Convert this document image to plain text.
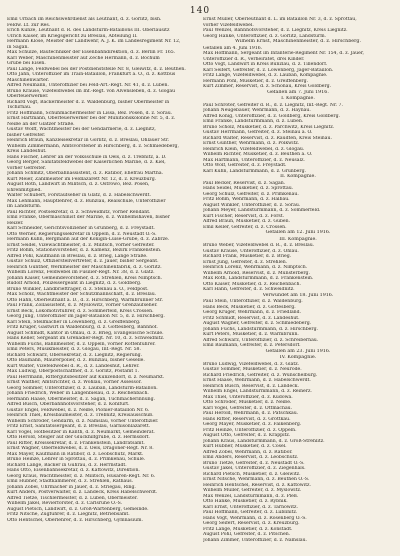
140
Emil Urbach im Reichswehrdienst als Leutnant, d. z. Gorlitz, bish.
Feldw. Lt. zur Res.
Erich Kunze, Leutnant d. R. des Landsturm-Bataillons III. Oberlausitz
Ulrich Kaiser, im Kriegsgericht zu Breslau, Abteilung II.
Hermann Klose, Meister der Landwehr, A. J. K. im Landesregiment Nr. 12,
in Sagan.
Max Schulze, Bautechniker der Eisenbahndirektion, d. z. Berlin Fr. 165.
Karl Weber, Maschinenmeister auf Zeche Hermann, d. z. Bochum
Grube bei Eisen.
Paul Lange, Feldwebel bei der Postdienststelle Nr. 8, Gleiwitz, d. z. Beuthen.
Otto Jahn, Unteroffizier im Train-Bataillon, Frankfurt a. O., d. z. Kottbus
Maschinenwärter.
Alfred Neumann, Unteroffizier bei Feld-Art.-Regt. Nr. 41, d. z. Lüben.
Bruno Krause, Vizefeldwebel im Inf.-Regt. von Alvensleben, d. z. Glogau
Oberfeuerwerker.
Richard Vogt, Bäckermeister d. z. Waldenburg, bisher Obermeister in
Tschirnau.
Fritz Hoffmann, Schuhmachermeister in Lissa, Bez. Posen, d. z. Sorau.
Ernst Hartmann, Oberfeuerwerker bei der Munitionskolonne Nr. 5, d. z.
Neiße an der Glatzer Straße.
Gustav Wolff, Wachtmeister bei der Gendarmerie, d. z. Liegnitz,
bisher Gefreiter.
Heinrich Braun, Kanzleisekretär in Görlitz, d. z. Breslau, Ohlauer Str.
Wilhelm Zimmermann, Amtsvorsteher in Hirschberg, d. z. Schmiedeberg,
Kreis Landeshut.
Hans Fischer, Lehrer an der Volksschule in Oels, d. z. Trebnitz, a. D.
Georg Berger, Sanitätsfeldwebel der Kaiserlichen Marine, d. z. Kiel,
vorher Gefreiter.
Johann Schmitz, Oberbahnassistent, d. z. Ratibor, Ehefrau Martha.
Kurt Meier, Zahlmeister im Feldlazarett Nr. 12, d. z. Kreuzburg.
August Roth, Landwirt in Militsch, d. z. Ostrowo, Bez. Posen,
Ehrenmitglied.
Walter Schubert, Forstaufseher in Glatz, d. z. Habelschwerdt.
Max Lehmann, Hauptlehrer, d. z. Bunzlau, Realschule, Unteroffizier
im Landsturm.
Paul Richter, Postsekretär, d. z. Schweidnitz, vorher Rendant.
Emil Franke, Obermaschinist der Marine, d. z. Wilhelmshaven, bisher
Heizer.
Karl Schneider, Gerichtsvollzieher in Grünberg, d. z. Freystadt.
Otto Werner, Regierungssekretär in Oppeln, d. z. Neustadt O.-S.
Hermann Kühn, Bergmann auf der Königin-Luise-Grube, d. z. Zabrze.
Ernst Seidel, Vizewachtmeister, d. z. Militsch, vorher Gefreiter.
Fritz Böhm, Stationsvorsteher, d. z. Kamenz, Bezirk Frankenstein.
Alfred Pohl, Kaufmann in Breslau, d. z. Brieg, Lange Straße.
Gustav Schulz, Offizierstellvertreter, d. z. Jauer, bisher Sergeant.
Heinrich Günther, Werkmeister der Maschinenfabrik, d. z. Görlitz.
Wilhelm Lorenz, Feldwebel im Füsilier-Regt. Nr. 38, d. z. Glatz.
Johann Kaiser, Gemeindevorsteher, d. z. Strehlen, Kreis Nimptsch.
Rudolf Arnold, Polizeisergeant in Liegnitz, d. z. Goldberg.
Bruno Winkler, Landbriefträger, d. z. Steinau a. O., Feldpost.
Max Scholz, Wachtmeister der Schutzmannschaft, d. z. Breslau.
Otto Hahn, Oberleutnant a. D., d. z. Hirschberg, Warmbrunner Str.
Paul Frank, Zollassistent, d. z. Myslowitz, vorher Grenzaufseher.
Ernst Beck, Lokomotivführer, d. z. Sommerfeld, Kreis Crossen.
Georg Jung, Unteroffizier im Jäger-Bataillon Nr. 5, d. z. Hirschberg.
Karl Stein, Stellmacher in Löwenberg, d. z. Greiffenberg.
Fritz Krüger, Gastwirt in Waldenburg, d. z. Gottesberg, Bahnhof.
August Schmidt, Kantor in Ohlau, d. z. Brieg, Evangelische Schule.
Hans Keller, Sergeant im Grenadier-Regt. Nr. 10, d. z. Schweidnitz.
Wilhelm Fuchs, Bahnmeister, d. z. Oppeln, vorher Rottenführer.
Emil Peters, Musikmeister, d. z. Glogau, Inf.-Regt. Nr. 58.
Richard Schwarz, Obersekretär, d. z. Liegnitz, Regierung.
Otto Baumann, Maurerpolier, d. z. Bunzlau, bisher Geselle.
Kurt Walter, Vizefeldwebel d. R., d. z. Landeshut, Lehrer.
Max Ludwig, Oberpostschaffner, d. z. Görlitz, Postamt 1.
Paul Herrmann, Rittergutsbesitzer auf Kunzendorf, d. z. Neumarkt.
Ernst Walther, Amtsrichter, d. z. Wohlau, vorher Assessor.
Georg Sommer, Unteroffizier, d. z. Lauban, Landsturm-Bataillon.
Johann Friedrich, Weber in Langenbielau, d. z. Reichenbach.
Hermann Haase, Obermeister, d. z. Sagan, Tuchmacherinnung.
Alfred Busch, Oberbahnhofsvorsteher, d. z. Kohlfurt.
Gustav Engel, Feldwebel, d. z. Neiße, Pionier-Bataillon Nr. 6.
Heinrich Thiel, Kreisbaumeister, d. z. Trebnitz, Kreisausschuß.
Wilhelm Schröder, Gendarm, d. z. Namslau, vorher Unteroffizier.
Fritz Ernst, Sanitätssergeant, d. z. Breslau, Garnisonlazarett.
Karl Vogel, Hofbesitzer in Kanth, d. z. Neumarkt, Gemeinderat.
Otto Herold, Steiger auf der Glückhilfgrube, d. z. Hermsdorf.
Paul Ritter, Kreissekretär, d. z. Frankenstein, Landratsamt.
Ernst Wagner, Oberfeldwebel, d. z. Oels, Dragoner-Regt. Nr. 8.
Max Mayer, Kaufmann in Ratibor, d. z. Leobschütz, Markt.
Bruno Heinze, Lehrer in Sprottau, d. z. Primkenau, Schule.
Richard Lange, Bäcker in Guhrau, d. z. Herrnstadt.
Hans Otto, Eisenbahnsekretär, d. z. Kattowitz, Direktion.
Georg Kraus, Wachtmeister, d. z. Militsch, Husaren-Regt. Nr. 6.
Emil Hübner, Stadtkämmerer, d. z. Strehlen, Rathaus.
Johann Zobel, Uhrmacher in Jauer, d. z. Striegau, Ring.
Kurt Anders, Postverwalter, d. z. Landeck, Kreis Habelschwerdt.
Alfred Tietze, Tischlermeister, d. z. Lüben, Obermeister.
Wilhelm Jäkel, Revierförster, d. z. Carlsruhe O.-S.
August Pietsch, Landwirt, d. z. Groß-Wartenberg, Gemeinde.
Fritz Nitsche, Zugführer, d. z. Liegnitz, Betriebsamt.
Otto Hentschel, Oberlehrer, d. z. Hirschberg, Gymnasium.
Ernst Müller, Oberleutnant d. L. im Bataillon Nr. 3, d. z. Sprottau,
vorher Vizefeldwebel.
Paul Wenzel, Bahnhofsvorsteher, d. z. Liegnitz, Kreis Liegnitz.
Georg Hanke, Unteroffizier, d. z. Görlitz, Landsturm.
Wilhelm Ernst, Maschinenmeister, d. z. Hirschberg.
Gefallen am 4. Juni 1916.
Max Hoffmann, Sergeant im Infanterie-Regiment Nr. 154, d. z. Jauer,
Unteroffizier d. R., verheiratet, drei Kinder.
Otto Vogt, Landwirt in Kreis Bunzlau, d. z. Tillendorf.
Karl Seifert, Gefreiter, d. z. Löwenberg, Jäger-Bataillon.
Fritz Lange, Vizefeldwebel, d. z. Lauban, Kompagnie.
Hermann Pohl, Musketier, d. z. Greiffenberg.
Kurt Zimmer, Reservist, d. z. Schönau, Kreis Goldberg.
Gefallen am 7. Juni 1916.
I. Kompagnie.
Paul Schröter, Gefreiter d. R., d. z. Liegnitz, Inf.-Regt. Nr. 7.
Johann Neugebauer, Wehrmann, d. z. Haynau.
Alfred König, Unteroffizier, d. z. Goldberg, Kreis Goldberg.
Emil Franke, Landsturmmann, d. z. Lüben.
Bruno Scholz, Musketier, d. z. Parchwitz, Kreis Liegnitz.
Gustav Herrmann, Gefreiter, d. z. Steinau a. O.
Richard Walter, Reservist, d. z. Raudten, Kreis Steinau.
Ernst Günther, Wehrmann, d. z. Polkwitz.
Heinrich Klein, Vizefeldwebel, d. z. Glogau.
Wilhelm Richter, Musketier, d. z. Beuthen a. O.
Max Hartmann, Unteroffizier, d. z. Neusalz.
Otto Wolf, Gefreiter, d. z. Freystadt.
Karl Kühn, Landsturmmann, d. z. Grünberg.
II. Kompagnie.
Paul Becker, Reservist, d. z. Sagan.
Hans Seidel, Musketier, d. z. Sprottau.
Georg Schulz, Gefreiter, d. z. Primkenau.
Fritz Böhm, Wehrmann, d. z. Halbau.
August Winkler, Unteroffizier, d. z. Sorau.
Johann Meyer, Landsturmmann, d. z. Sommerfeld.
Kurt Fischer, Reservist, d. z. Forst.
Alfred Braun, Musketier, d. z. Guben.
Emil Keller, Gefreiter, d. z. Crossen.
Gefallen am 12. Juni 1916.
III. Kompagnie.
Bruno Weber, Vizefeldwebel d. R., d. z. Breslau.
Gustav Krause, Unteroffizier, d. z. Ohlau.
Richard Frank, Musketier, d. z. Brieg.
Ernst Jung, Gefreiter, d. z. Strehlen.
Heinrich Lorenz, Wehrmann, d. z. Nimptsch.
Wilhelm Arnold, Reservist, d. z. Münsterberg.
Max Roth, Landsturmmann, d. z. Frankenstein.
Otto Kaiser, Musketier, d. z. Reichenbach.
Karl Hahn, Gefreiter, d. z. Schweidnitz.
Verwundet am 18. Juni 1916.
Paul Stein, Unteroffizier, d. z. Waldenburg.
Hans Beck, Musketier, d. z. Gottesberg.
Georg Krüger, Wehrmann, d. z. Friedland.
Fritz Schmidt, Reservist, d. z. Landeshut.
August Wagner, Gefreiter, d. z. Schmiedeberg.
Johann Fuchs, Landsturmmann, d. z. Hirschberg.
Kurt Peters, Musketier, d. z. Warmbrunn.
Alfred Schwarz, Unteroffizier, d. z. Schreiberhau.
Emil Baumann, Gefreiter, d. z. Petersdorf.
Gefallen am 23. Juni 1916.
IV. Kompagnie.
Bruno Ludwig, Vizefeldwebel, d. z. Glatz.
Gustav Sommer, Musketier, d. z. Neurode.
Richard Friedrich, Gefreiter, d. z. Wünschelburg.
Ernst Haase, Wehrmann, d. z. Habelschwerdt.
Heinrich Busch, Reservist, d. z. Landeck.
Wilhelm Engel, Landsturmmann, d. z. Reinerz.
Max Thiel, Unteroffizier, d. z. Kudowa.
Otto Schröder, Musketier, d. z. Neiße.
Karl Vogel, Gefreiter, d. z. Ottmachau.
Paul Herold, Wehrmann, d. z. Patschkau.
Hans Ritter, Reservist, d. z. Grottkau.
Georg Mayer, Musketier, d. z. Falkenberg.
Fritz Heinze, Unteroffizier, d. z. Oppeln.
August Otto, Gefreiter, d. z. Krappitz.
Johann Kraus, Landsturmmann, d. z. Groß-Strehlitz.
Kurt Hübner, Musketier, d. z. Cosel.
Alfred Zobel, Wehrmann, d. z. Ratibor.
Emil Anders, Reservist, d. z. Leobschütz.
Bruno Tietze, Gefreiter, d. z. Neustadt O.-S.
Gustav Jäkel, Unteroffizier, d. z. Ziegenhals.
Richard Pietsch, Musketier, d. z. Gleiwitz.
Ernst Nitsche, Wehrmann, d. z. Beuthen O.-S.
Heinrich Hentschel, Reservist, d. z. Kattowitz.
Wilhelm Müller, Gefreiter, d. z. Myslowitz.
Max Wenzel, Landsturmmann, d. z. Pleß.
Otto Hanke, Musketier, d. z. Rybnik.
Karl Ernst, Unteroffizier, d. z. Tarnowitz.
Paul Hoffmann, Gefreiter, d. z. Lublinitz.
Hans Vogt, Wehrmann, d. z. Rosenberg O.-S.
Georg Seifert, Reservist, d. z. Kreuzburg.
Fritz Lange, Musketier, d. z. Konstadt.
August Pohl, Gefreiter, d. z. Pitschen.
Johann Zimmer, Unteroffizier, d. z. Namslau.
